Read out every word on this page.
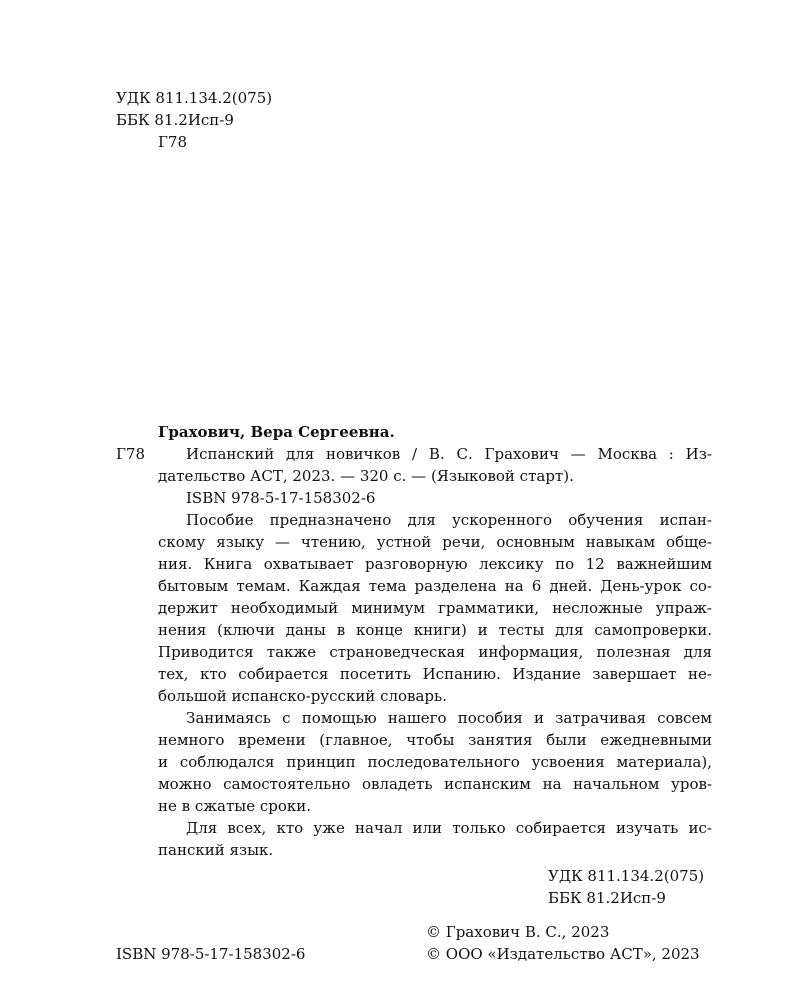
УДК 811.134.2(075)
ББК 81.2Исп-9
Г78
Грахович, Вера Сергеевна.
Г78	Испанский для новичков / В. С. Грахович — Москва : Из-
дательство АСТ, 2023. — 320 с. — (Языковой старт).
ISBN 978-5-17-158302-6
Пособие предназначено для ускоренного обучения испан-
скому языку — чтению, устной речи, основным навыкам обще-
ния. Книга охватывает разговорную лексику по 12 важнейшим
бытовым темам. Каждая тема разделена на 6 дней. День-урок со-
держит необходимый минимум грамматики, несложные упраж-
нения (ключи даны в конце книги) и тесты для самопроверки.
Приводится также страноведческая информация, полезная для
тех, кто собирается посетить Испанию. Издание завершает не-
большой испанско-русский словарь.
Занимаясь с помощью нашего пособия и затрачивая совсем
немного времени (главное, чтобы занятия были ежедневными
и соблюдался принцип последовательного усвоения материала),
можно самостоятельно овладеть испанским на начальном уров-
не в сжатые сроки.
Для всех, кто уже начал или только собирается изучать ис-
панский язык.
УДК 811.134.2(075)
ББК 81.2Исп-9
© Грахович В. С., 2023
ISBN 978-5-17-158302-6	© ООО «Издательство АСТ», 2023
